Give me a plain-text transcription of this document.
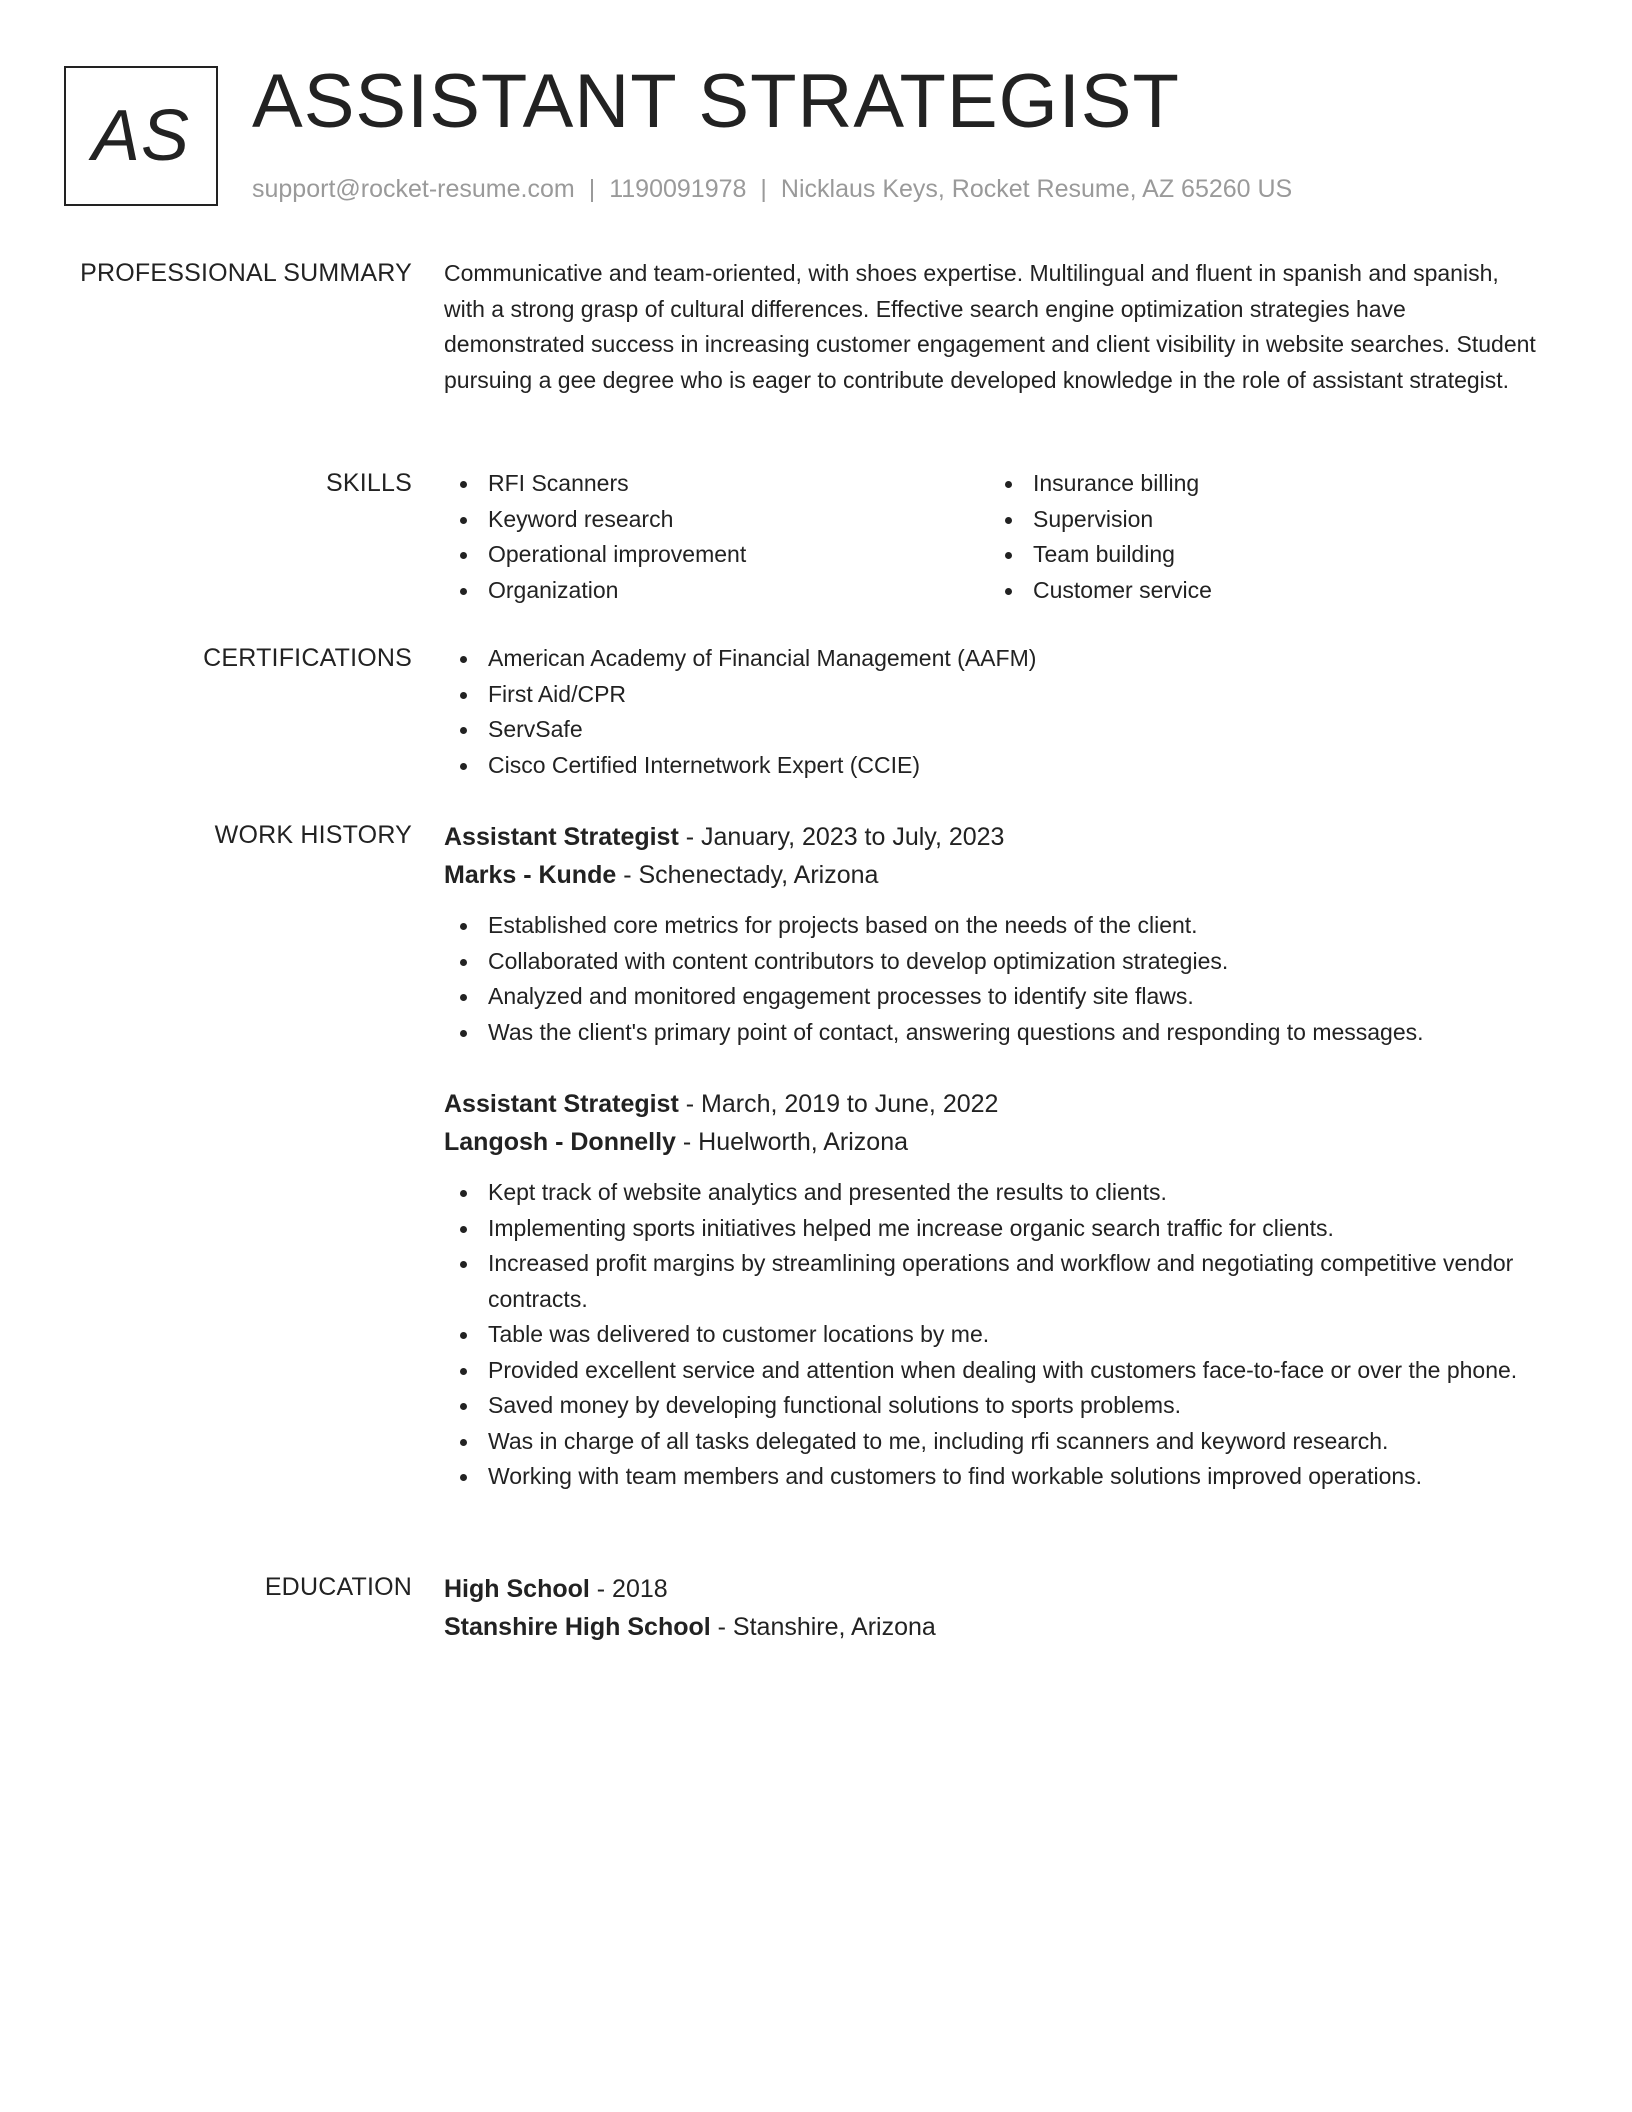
AS ASSISTANT STRATEGIST
support@rocket-resume.com | 1190091978 | Nicklaus Keys, Rocket Resume, AZ 65260 US
PROFESSIONAL SUMMARY Communicative and team-oriented, with shoes expertise. Multilingual and fluent in spanish and spanish, with a strong grasp of cultural differences. Effective search engine optimization strategies have demonstrated success in increasing customer engagement and client visibility in website searches. Student pursuing a gee degree who is eager to contribute developed knowledge in the role of assistant strategist.

SKILLS	RFI Scanners
Keyword research
Operational improvement
Organization
Insurance billing
Supervision
Team building
Customer service
CERTIFICATIONS	American Academy of Financial Management (AAFM)
First Aid/CPR
ServSafe
Cisco Certified Internetwork Expert (CCIE)
WORK HISTORY Assistant Strategist - January, 2023 to July, 2023
Marks - Kunde - Schenectady, Arizona
Established core metrics for projects based on the needs of the client.
Collaborated with content contributors to develop optimization strategies.
Analyzed and monitored engagement processes to identify site flaws.
Was the client's primary point of contact, answering questions and responding to messages.
Assistant Strategist - March, 2019 to June, 2022
Langosh - Donnelly - Huelworth, Arizona
Kept track of website analytics and presented the results to clients.
Implementing sports initiatives helped me increase organic search traffic for clients.
Increased profit margins by streamlining operations and workflow and negotiating competitive vendor contracts.
Table was delivered to customer locations by me.
Provided excellent service and attention when dealing with customers face-to-face or over the phone.
Saved money by developing functional solutions to sports problems.
Was in charge of all tasks delegated to me, including rfi scanners and keyword research.
Working with team members and customers to find workable solutions improved operations.
EDUCATION High School - 2018
Stanshire High School - Stanshire, Arizona
